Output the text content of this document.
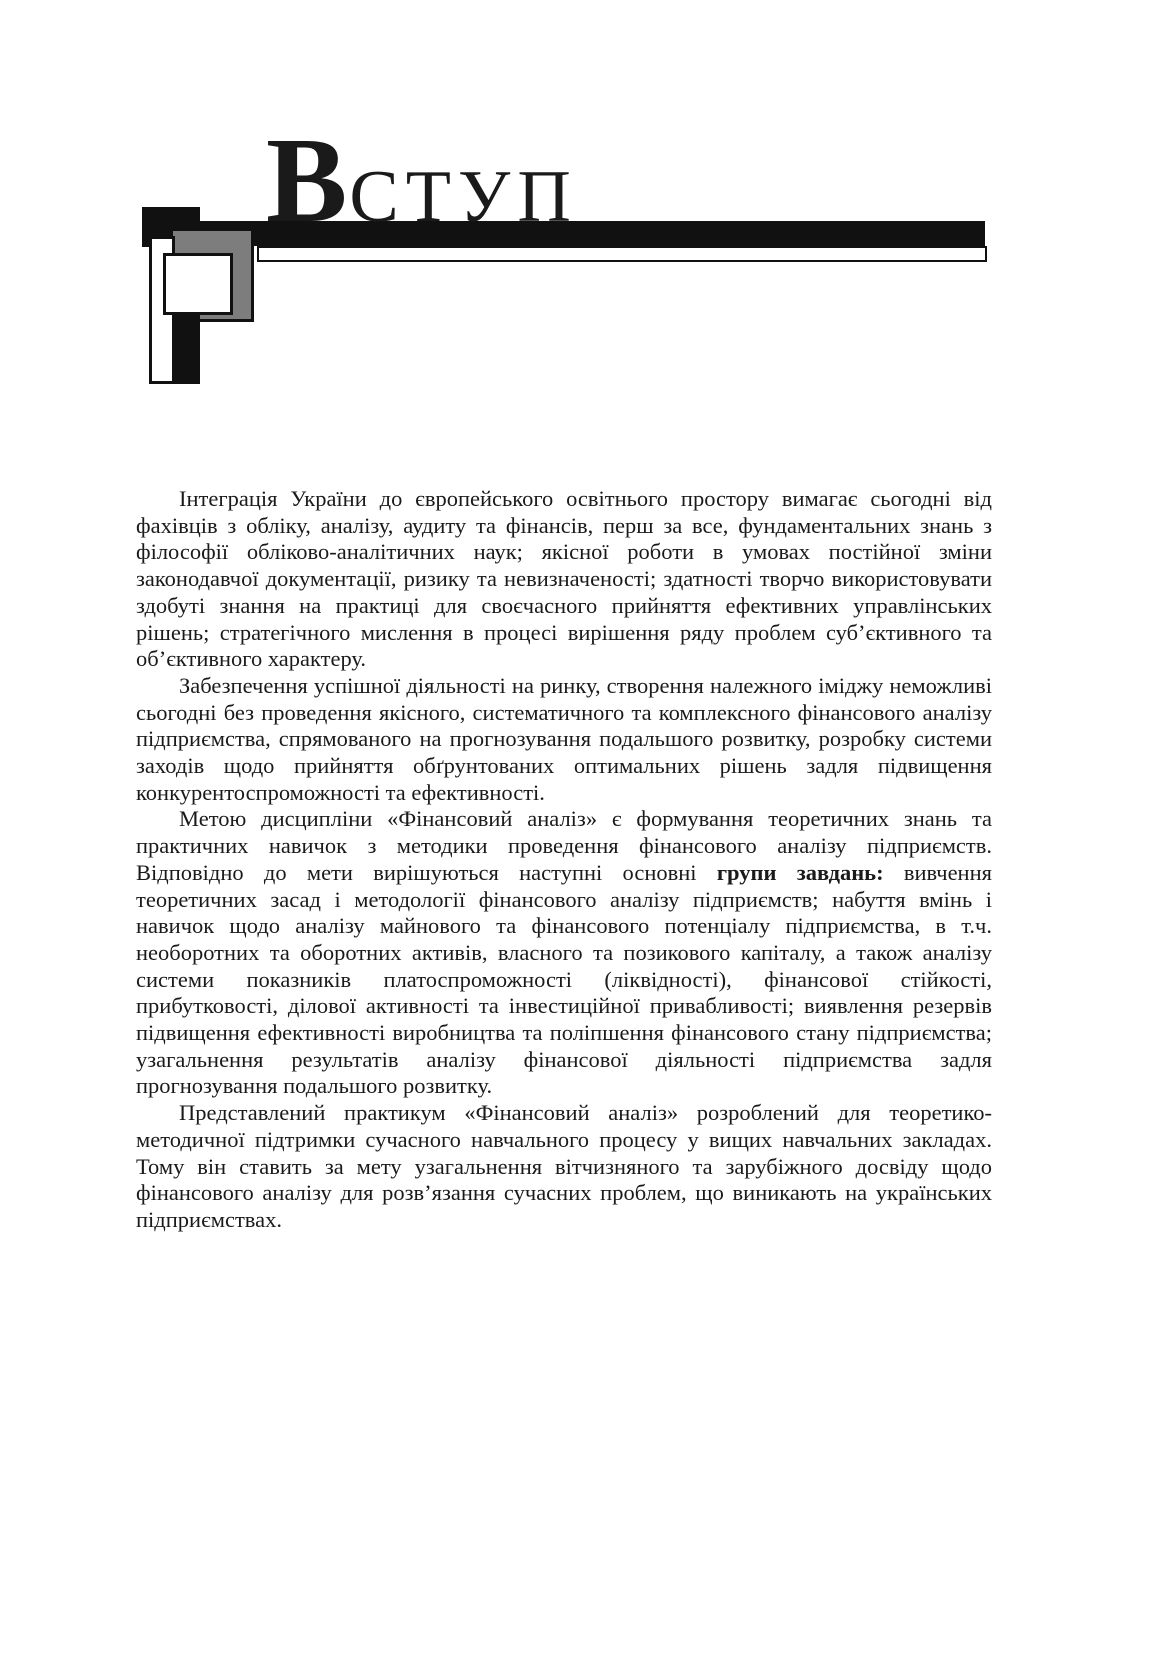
ВСТУП

Інтеграція України до європейського освітнього простору вимагає сьогодні від фахівців з обліку, аналізу, аудиту та фінансів, перш за все, фундаментальних знань з філософії обліково-аналітичних наук; якісної роботи в умовах постійної зміни законодавчої документації, ризику та невизначеності; здатності творчо використовувати здобуті знання на практиці для своєчасного прийняття ефективних управлінських рішень; стратегічного мислення в процесі вирішення ряду проблем суб’єктивного та об’єктивного характеру.

Забезпечення успішної діяльності на ринку, створення належного іміджу неможливі сьогодні без проведення якісного, систематичного та комплексного фінансового аналізу підприємства, спрямованого на прогнозування подальшого розвитку, розробку системи заходів щодо прийняття обґрунтованих оптимальних рішень задля підвищення конкурентоспроможності та ефективності.

Метою дисципліни «Фінансовий аналіз» є формування теоретичних знань та практичних навичок з методики проведення фінансового аналізу підприємств. Відповідно до мети вирішуються наступні основні групи завдань: вивчення теоретичних засад і методології фінансового аналізу підприємств; набуття вмінь і навичок щодо аналізу майнового та фінансового потенціалу підприємства, в т.ч. необоротних та оборотних активів, власного та позикового капіталу, а також аналізу системи показників платоспроможності (ліквідності), фінансової стійкості, прибутковості, ділової активності та інвестиційної привабливості; виявлення резервів підвищення ефективності виробництва та поліпшення фінансового стану підприємства; узагальнення результатів аналізу фінансової діяльності підприємства задля прогнозування подальшого розвитку.

Представлений практикум «Фінансовий аналіз» розроблений для теоретико-методичної підтримки сучасного навчального процесу у вищих навчальних закладах. Тому він ставить за мету узагальнення вітчизняного та зарубіжного досвіду щодо фінансового аналізу для розв’язання сучасних проблем, що виникають на українських підприємствах.
